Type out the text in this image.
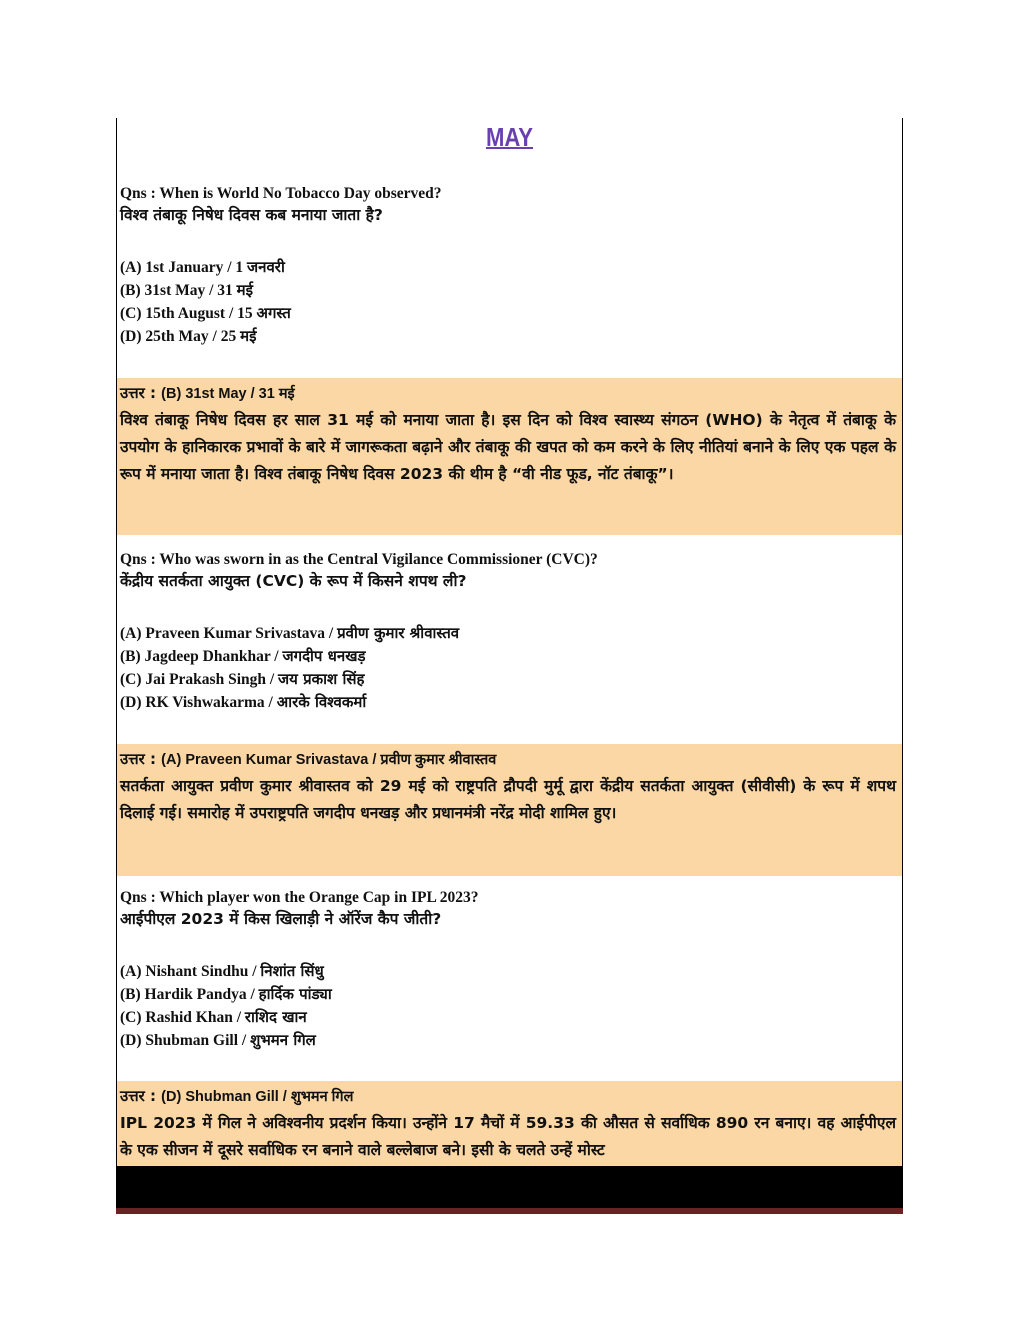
MAY
Qns : When is World No Tobacco Day observed?
विश्व तंबाकू निषेध दिवस कब मनाया जाता है?
(A) 1st January / 1 जनवरी
(B) 31st May / 31 मई
(C) 15th August / 15 अगस्त
(D) 25th May / 25 मई
उत्तर : (B) 31st May / 31 मई
विश्व तंबाकू निषेध दिवस हर साल 31 मई को मनाया जाता है। इस दिन को विश्व स्वास्थ्य संगठन (WHO) के नेतृत्व में तंबाकू के उपयोग के हानिकारक प्रभावों के बारे में जागरूकता बढ़ाने और तंबाकू की खपत को कम करने के लिए नीतियां बनाने के लिए एक पहल के रूप में मनाया जाता है। विश्व तंबाकू निषेध दिवस 2023 की थीम है “वी नीड फूड, नॉट तंबाकू”।
Qns : Who was sworn in as the Central Vigilance Commissioner (CVC)?
केंद्रीय सतर्कता आयुक्त (CVC) के रूप में किसने शपथ ली?
(A) Praveen Kumar Srivastava / प्रवीण कुमार श्रीवास्तव
(B) Jagdeep Dhankhar / जगदीप धनखड़
(C) Jai Prakash Singh / जय प्रकाश सिंह
(D) RK Vishwakarma / आरके विश्वकर्मा
उत्तर : (A) Praveen Kumar Srivastava / प्रवीण कुमार श्रीवास्तव
सतर्कता आयुक्त प्रवीण कुमार श्रीवास्तव को 29 मई को राष्ट्रपति द्रौपदी मुर्मू द्वारा केंद्रीय सतर्कता आयुक्त (सीवीसी) के रूप में शपथ दिलाई गई। समारोह में उपराष्ट्रपति जगदीप धनखड़ और प्रधानमंत्री नरेंद्र मोदी शामिल हुए।
Qns : Which player won the Orange Cap in IPL 2023?
आईपीएल 2023 में किस खिलाड़ी ने ऑरेंज कैप जीती?
(A) Nishant Sindhu / निशांत सिंधु
(B) Hardik Pandya / हार्दिक पांड्या
(C) Rashid Khan / राशिद खान
(D) Shubman Gill / शुभमन गिल
उत्तर : (D) Shubman Gill / शुभमन गिल
IPL 2023 में गिल ने अविश्वनीय प्रदर्शन किया। उन्होंने 17 मैचों में 59.33 की औसत से सर्वाधिक 890 रन बनाए। वह आईपीएल के एक सीजन में दूसरे सर्वाधिक रन बनाने वाले बल्लेबाज बने। इसी के चलते उन्हें मोस्ट
